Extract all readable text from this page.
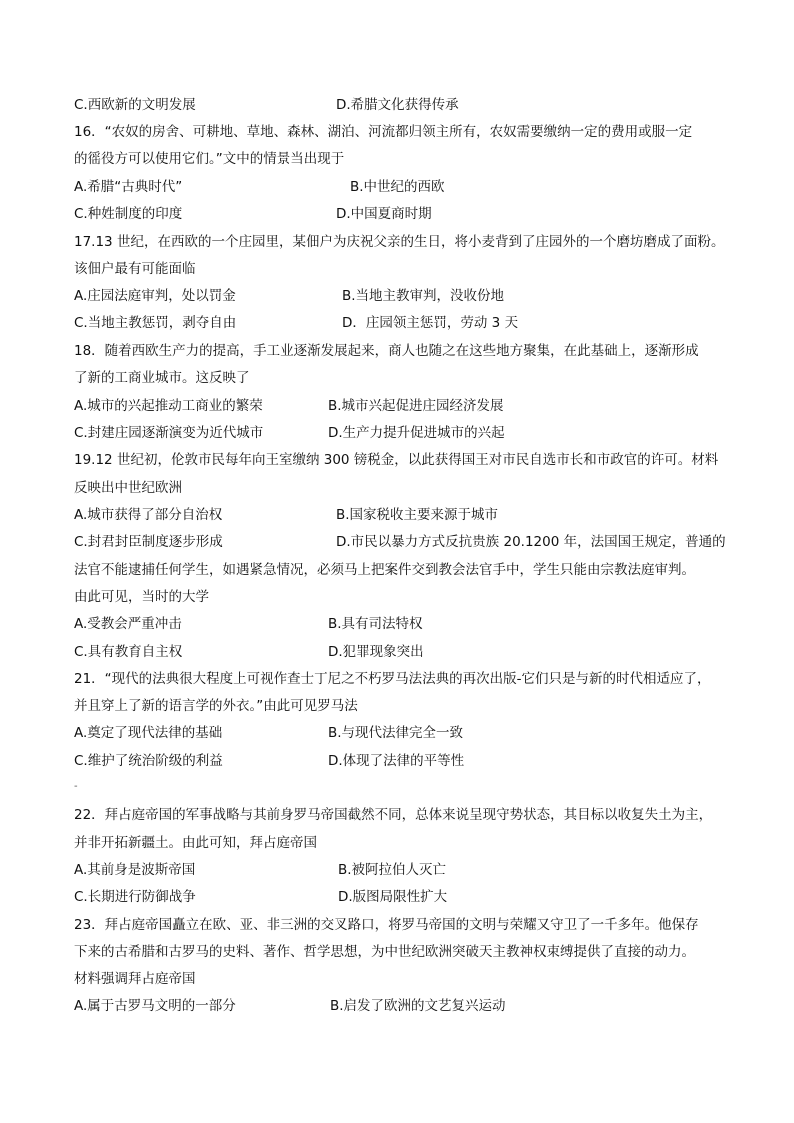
C.西欧新的文明发展	D.希腊文化获得传承
16．“农奴的房舍、可耕地、草地、森林、湖泊、河流都归领主所有，农奴需要缴纳一定的费用或服一定
的徭役方可以使用它们。”文中的情景当出现于
A.希腊“古典时代”	B.中世纪的西欧
C.种姓制度的印度	D.中国夏商时期
17.13 世纪，在西欧的一个庄园里，某佃户为庆祝父亲的生日，将小麦背到了庄园外的一个磨坊磨成了面粉。
该佃户最有可能面临
A.庄园法庭审判，处以罚金	B.当地主教审判，没收份地
C.当地主教惩罚，剥夺自由	D．庄园领主惩罚，劳动 3 天
18．随着西欧生产力的提高，手工业逐渐发展起来，商人也随之在这些地方聚集，在此基础上，逐渐形成
了新的工商业城市。这反映了
A.城市的兴起推动工商业的繁荣	B.城市兴起促进庄园经济发展
C.封建庄园逐渐演变为近代城市	D.生产力提升促进城市的兴起
19.12 世纪初，伦敦市民每年向王室缴纳 300 镑税金，以此获得国王对市民自选市长和市政官的许可。材料
反映出中世纪欧洲
A.城市获得了部分自治权	B.国家税收主要来源于城市
C.封君封臣制度逐步形成	D.市民以暴力方式反抗贵族 20.1200 年，法国国王规定，普通的
法官不能逮捕任何学生，如遇紧急情况，必须马上把案件交到教会法官手中，学生只能由宗教法庭审判。
由此可见，当时的大学
A.受教会严重冲击	B.具有司法特权
C.具有教育自主权	D.犯罪现象突出
21．“现代的法典很大程度上可视作查士丁尼之不朽罗马法法典的再次出版-它们只是与新的时代相适应了，
并且穿上了新的语言学的外衣。”由此可见罗马法
A.奠定了现代法律的基础	B.与现代法律完全一致
C.维护了统治阶级的利益	D.体现了法律的平等性
-
22．拜占庭帝国的军事战略与其前身罗马帝国截然不同，总体来说呈现守势状态，其目标以收复失土为主，
并非开拓新疆土。由此可知，拜占庭帝国
A.其前身是波斯帝国	B.被阿拉伯人灭亡
C.长期进行防御战争	D.版图局限性扩大
23．拜占庭帝国矗立在欧、亚、非三洲的交叉路口，将罗马帝国的文明与荣耀又守卫了一千多年。他保存
下来的古希腊和古罗马的史料、著作、哲学思想，为中世纪欧洲突破天主教神权束缚提供了直接的动力。
材料强调拜占庭帝国
A.属于古罗马文明的一部分	B.启发了欧洲的文艺复兴运动
